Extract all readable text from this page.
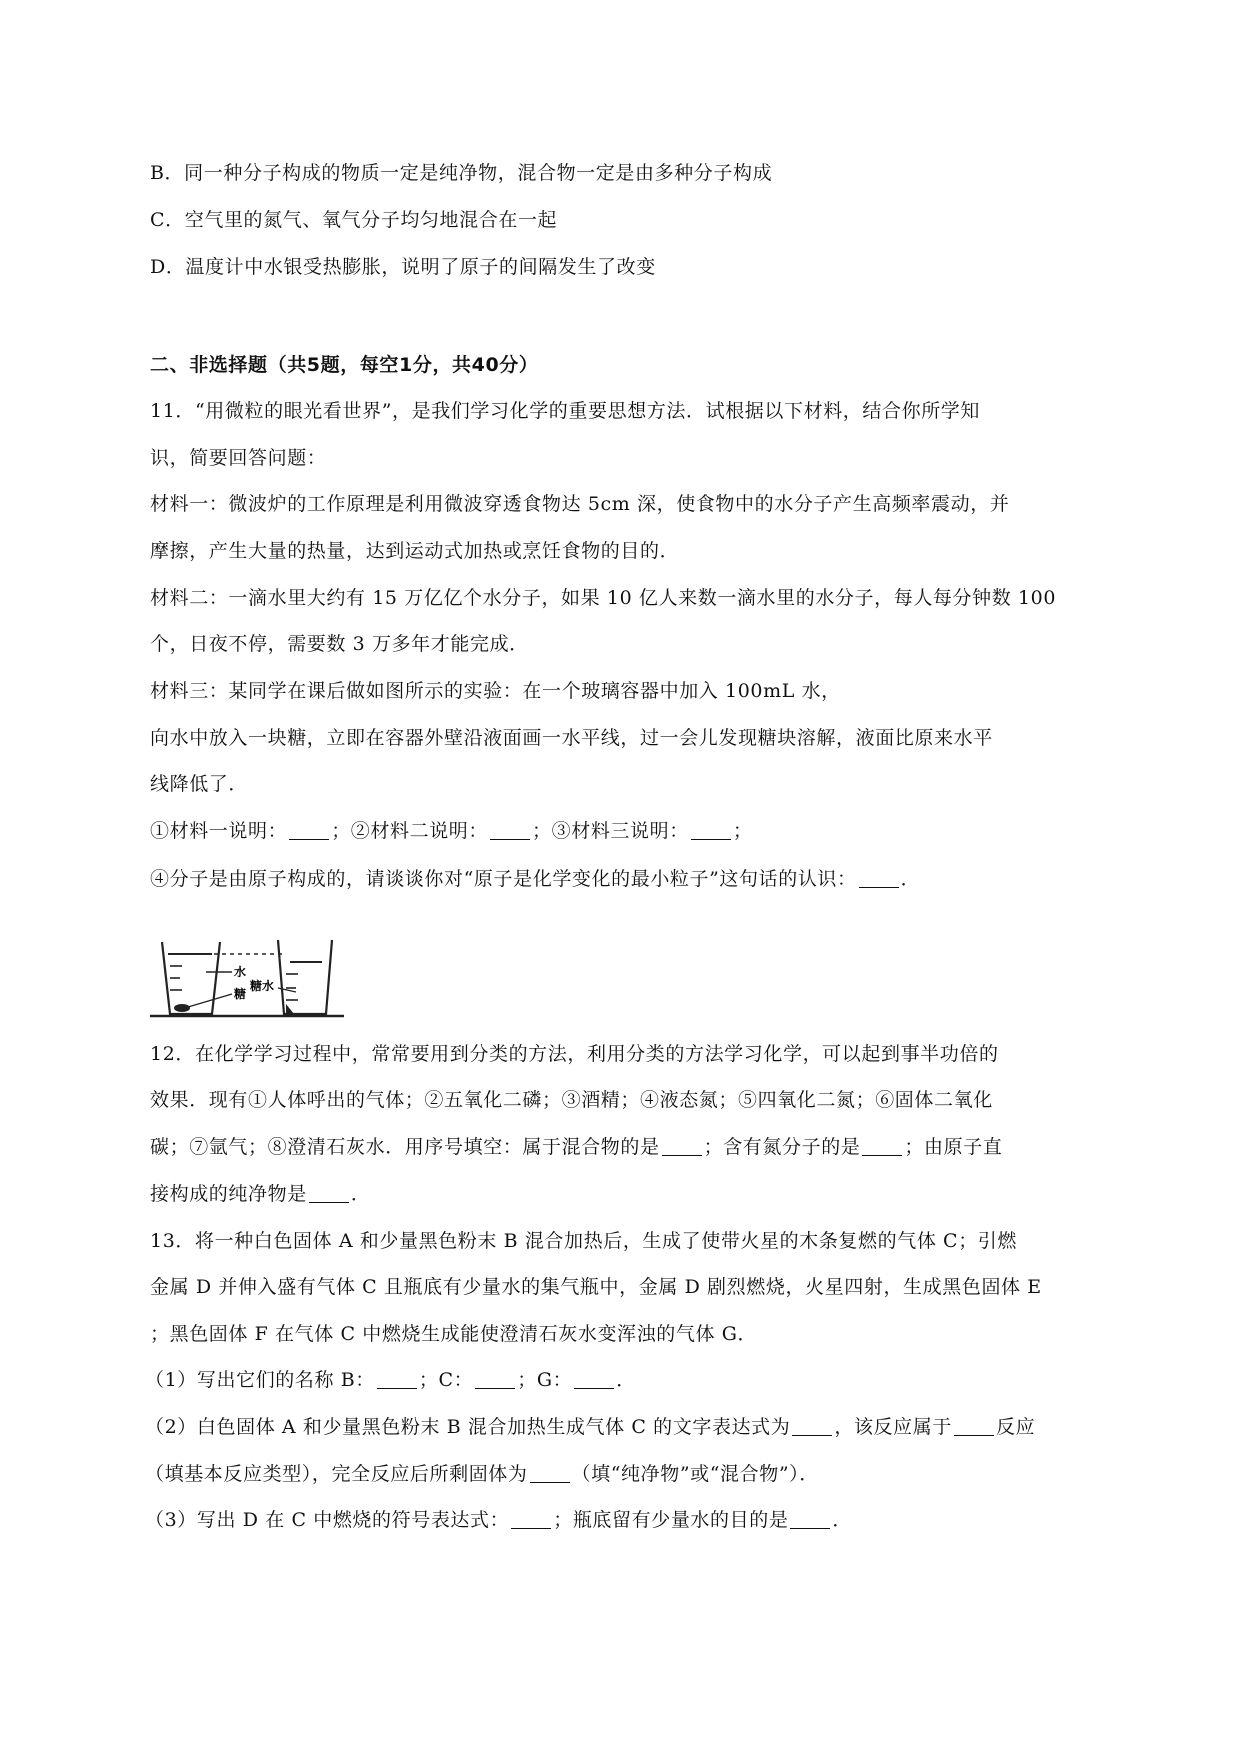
B．同一种分子构成的物质一定是纯净物，混合物一定是由多种分子构成
C．空气里的氮气、氧气分子均匀地混合在一起
D．温度计中水银受热膨胀，说明了原子的间隔发生了改变
二、非选择题（共5题，每空1分，共40分）
11．“用微粒的眼光看世界”，是我们学习化学的重要思想方法．试根据以下材料，结合你所学知
识，简要回答问题：
材料一：微波炉的工作原理是利用微波穿透食物达 5cm 深，使食物中的水分子产生高频率震动，并
摩擦，产生大量的热量，达到运动式加热或烹饪食物的目的．
材料二：一滴水里大约有 15 万亿亿个水分子，如果 10 亿人来数一滴水里的水分子，每人每分钟数 100
个，日夜不停，需要数 3 万多年才能完成．
材料三：某同学在课后做如图所示的实验：在一个玻璃容器中加入 100mL 水，
向水中放入一块糖，立即在容器外壁沿液面画一水平线，过一会儿发现糖块溶解，液面比原来水平
线降低了．
①材料一说明： ；②材料二说明： ；③材料三说明： ；
④分子是由原子构成的，请谈谈你对“原子是化学变化的最小粒子”这句话的认识： ．
水
糖
糖水
12．在化学学习过程中，常常要用到分类的方法，利用分类的方法学习化学，可以起到事半功倍的
效果．现有①人体呼出的气体；②五氧化二磷；③酒精；④液态氮；⑤四氧化二氮；⑥固体二氧化
碳；⑦氩气；⑧澄清石灰水．用序号填空：属于混合物的是 ；含有氮分子的是 ；由原子直
接构成的纯净物是 ．
13．将一种白色固体 A 和少量黑色粉末 B 混合加热后，生成了使带火星的木条复燃的气体 C；引燃
金属 D 并伸入盛有气体 C 且瓶底有少量水的集气瓶中，金属 D 剧烈燃烧，火星四射，生成黑色固体 E
；黑色固体 F 在气体 C 中燃烧生成能使澄清石灰水变浑浊的气体 G．
（1）写出它们的名称 B： ；C： ；G： ．
（2）白色固体 A 和少量黑色粉末 B 混合加热生成气体 C 的文字表达式为 ，该反应属于 反应
（填基本反应类型），完全反应后所剩固体为 （填“纯净物”或“混合物”）．
（3）写出 D 在 C 中燃烧的符号表达式： ；瓶底留有少量水的目的是 ．
